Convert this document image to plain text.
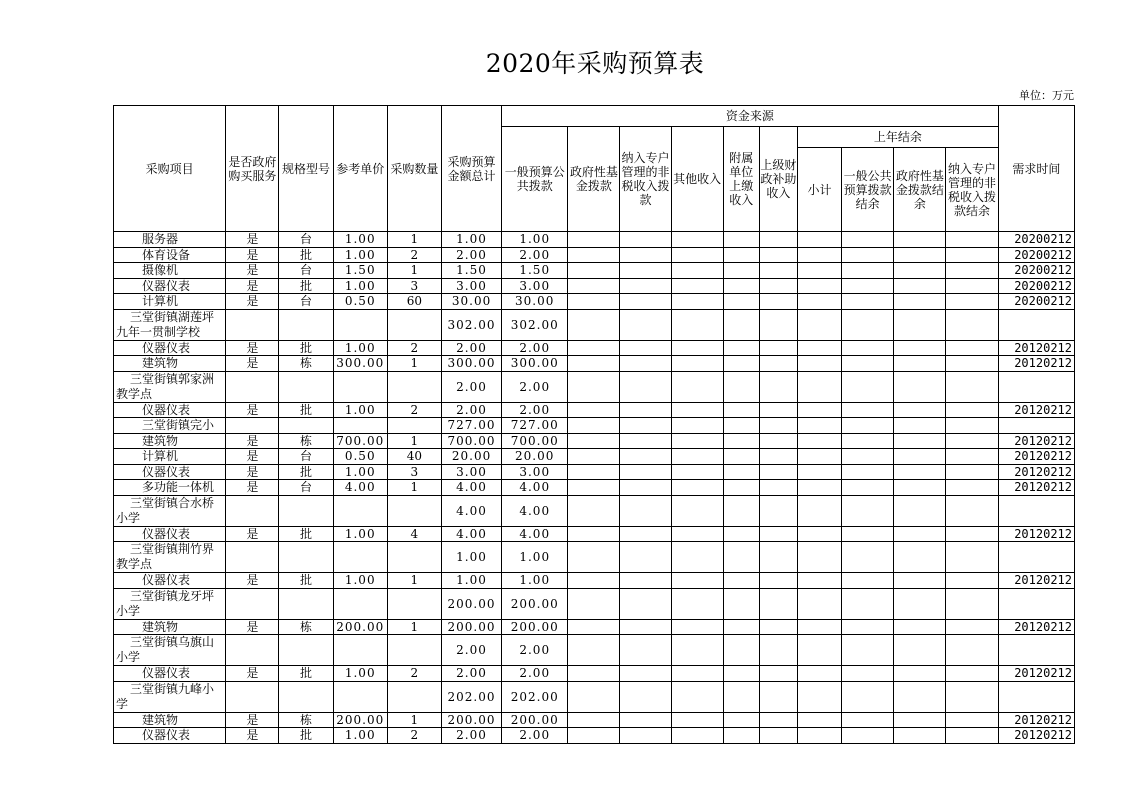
2020年采购预算表
单位：万元
采购项目	是否政府购买服务	规格型号	参考单价	采购数量	采购预算金额总计	资金来源										需求时间
						一般预算公共拨款	政府性基金拨款	纳入专户管理的非税收入拨款	其他收入	附属单位上缴收入	上级财政补助收入	上年结余				
												小计	一般公共预算拨款结余	政府性基金拨款结余	纳入专户管理的非税收入拨款结余	
服务器	是	台	1.00	1	1.00	1.00										20200212
体育设备	是	批	1.00	2	2.00	2.00										20200212
摄像机	是	台	1.50	1	1.50	1.50										20200212
仪器仪表	是	批	1.00	3	3.00	3.00										20200212
计算机	是	台	0.50	60	30.00	30.00										20200212
三堂街镇湖莲坪九年一贯制学校					302.00	302.00										
仪器仪表	是	批	1.00	2	2.00	2.00										20120212
建筑物	是	栋	300.00	1	300.00	300.00										20120212
三堂街镇郭家洲教学点					2.00	2.00										
仪器仪表	是	批	1.00	2	2.00	2.00										20120212
三堂街镇完小					727.00	727.00										
建筑物	是	栋	700.00	1	700.00	700.00										20120212
计算机	是	台	0.50	40	20.00	20.00										20120212
仪器仪表	是	批	1.00	3	3.00	3.00										20120212
多功能一体机	是	台	4.00	1	4.00	4.00										20120212
三堂街镇合水桥小学					4.00	4.00										
仪器仪表	是	批	1.00	4	4.00	4.00										20120212
三堂街镇荆竹界教学点					1.00	1.00										
仪器仪表	是	批	1.00	1	1.00	1.00										20120212
三堂街镇龙牙坪小学					200.00	200.00										
建筑物	是	栋	200.00	1	200.00	200.00										20120212
三堂街镇乌旗山小学					2.00	2.00										
仪器仪表	是	批	1.00	2	2.00	2.00										20120212
三堂街镇九峰小学					202.00	202.00										
建筑物	是	栋	200.00	1	200.00	200.00										20120212
仪器仪表	是	批	1.00	2	2.00	2.00										20120212
